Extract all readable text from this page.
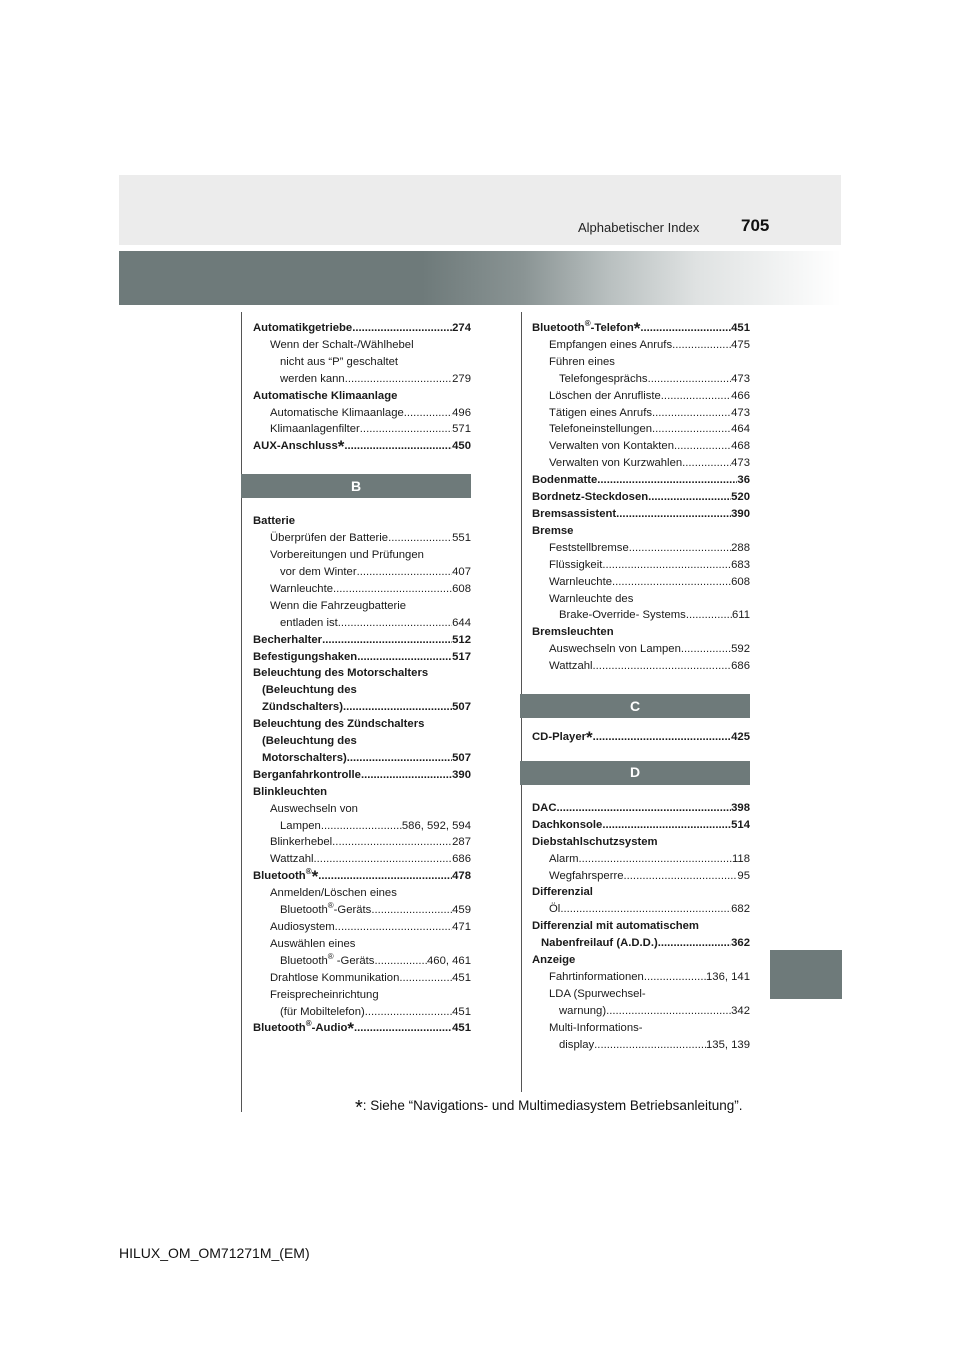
Alphabetischer Index 705
Automatikgetriebe .....	274
Wenn der Schalt-/Wählhebel
nicht aus “P” geschaltet
werden kann .....	279
Automatische Klimaanlage
Automatische Klimaanlage .....	496
Klimaanlagenfilter .....	571
AUX-Anschluss* .....	450
B
Batterie
Überprüfen der Batterie .....	551
Vorbereitungen und Prüfungen
vor dem Winter .....	407
Warnleuchte .....	608
Wenn die Fahrzeugbatterie
entladen ist .....	644
Becherhalter .....	512
Befestigungshaken .....	517
Beleuchtung des Motorschalters
(Beleuchtung des
Zündschalters) .....	507
Beleuchtung des Zündschalters
(Beleuchtung des
Motorschalters) .....	507
Berganfahrkontrolle .....	390
Blinkleuchten
Auswechseln von
Lampen .....	586, 592, 594
Blinkerhebel .....	287
Wattzahl .....	686
Bluetooth®* .....	478
Anmelden/Löschen eines
Bluetooth®-Geräts .....	459
Audiosystem .....	471
Auswählen eines
Bluetooth® -Geräts .....	460, 461
Drahtlose Kommunikation .....	451
Freisprecheinrichtung
(für Mobiltelefon) .....	451
Bluetooth®-Audio* .....	451
Bluetooth®-Telefon* .....	451
Empfangen eines Anrufs .....	475
Führen eines
Telefongesprächs .....	473
Löschen der Anrufliste .....	466
Tätigen eines Anrufs .....	473
Telefoneinstellungen .....	464
Verwalten von Kontakten .....	468
Verwalten von Kurzwahlen .....	473
Bodenmatte .....	36
Bordnetz-Steckdosen .....	520
Bremsassistent .....	390
Bremse
Feststellbremse .....	288
Flüssigkeit .....	683
Warnleuchte .....	608
Warnleuchte des
Brake-Override- Systems .....	611
Bremsleuchten
Auswechseln von Lampen .....	592
Wattzahl .....	686
C
CD-Player* .....	425
D
DAC .....	398
Dachkonsole .....	514
Diebstahlschutzsystem
Alarm .....	118
Wegfahrsperre .....	95
Differenzial
Öl .....	682
Differenzial mit automatischem
Nabenfreilauf (A.D.D.) .....	362
Anzeige
Fahrtinformationen .....	136, 141
LDA (Spurwechsel-
warnung) .....	342
Multi-Informations-
display .....	135, 139
*: Siehe “Navigations- und Multimediasystem Betriebsanleitung”.
HILUX_OM_OM71271M_(EM)
